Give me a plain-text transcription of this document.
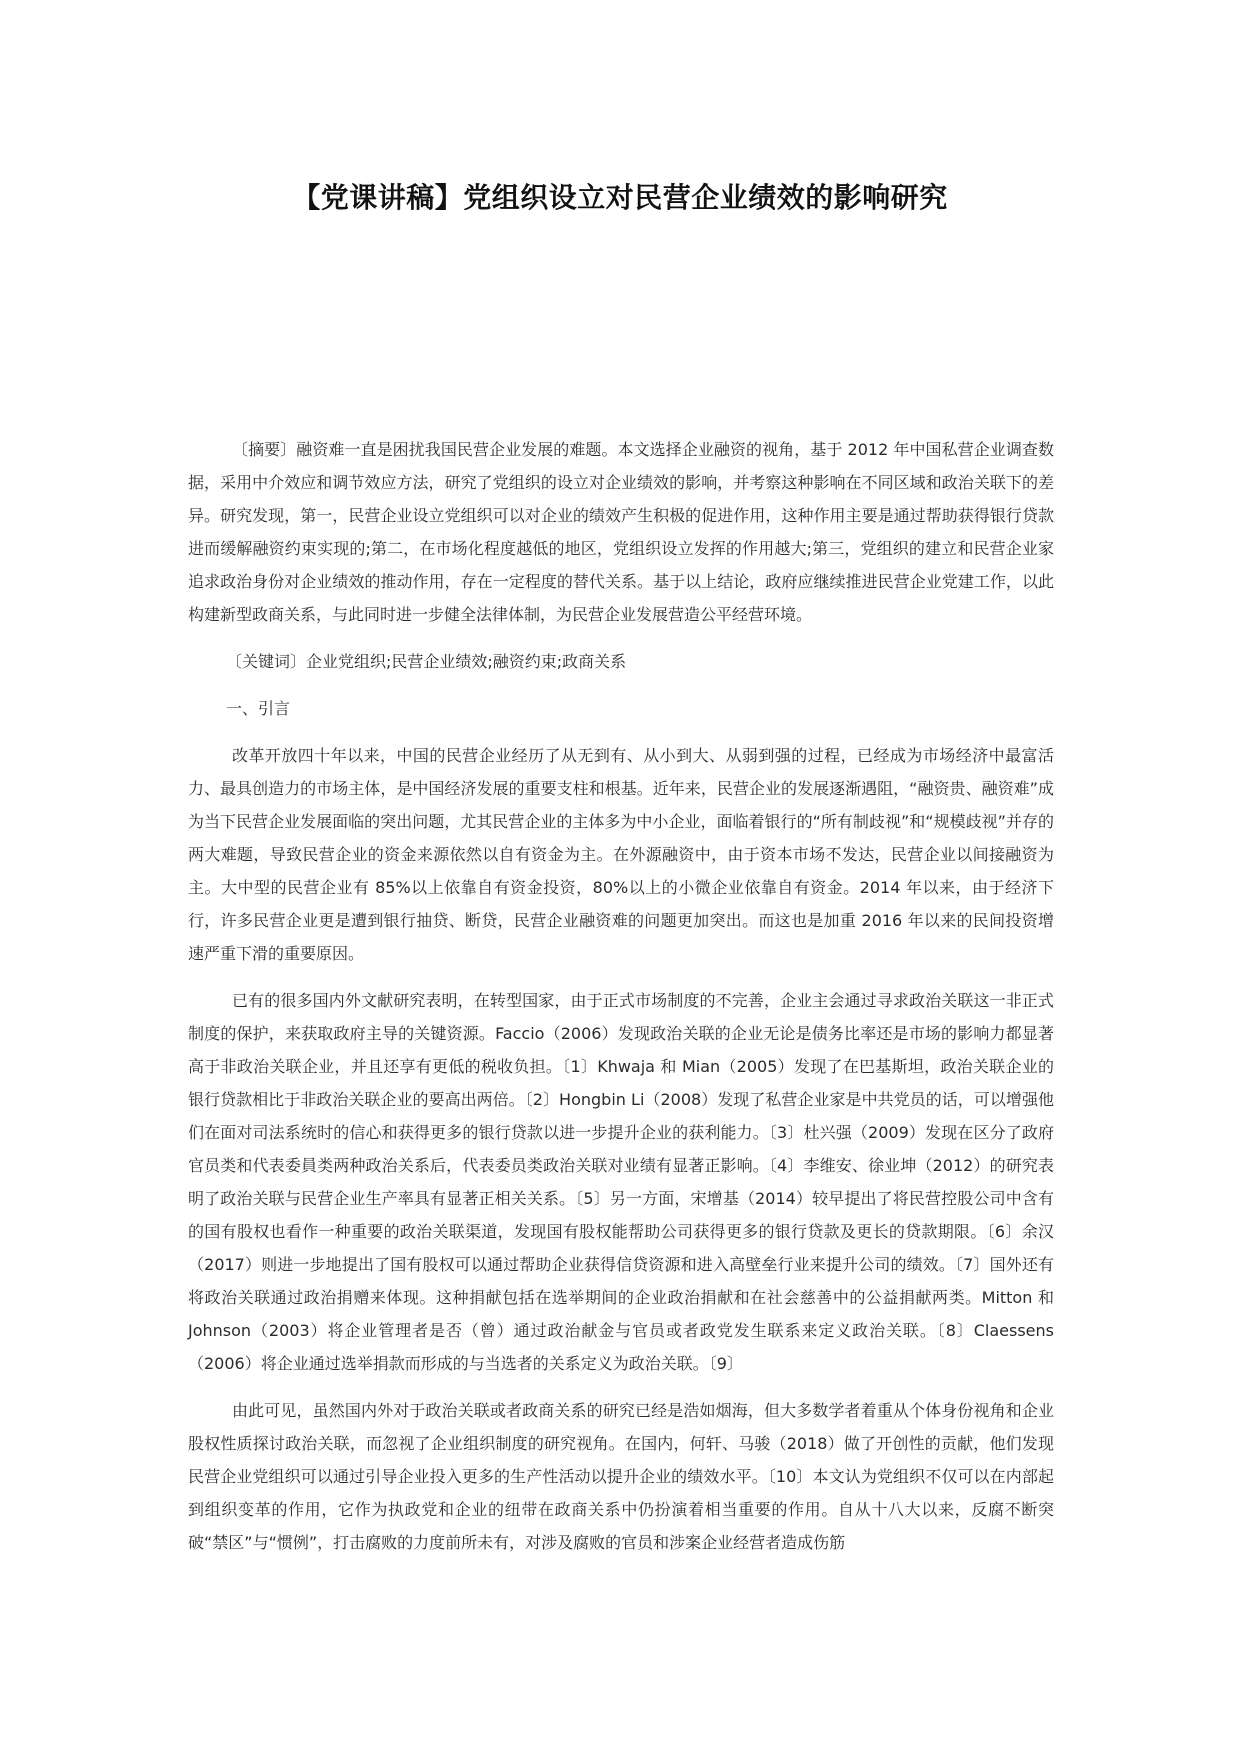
【党课讲稿】党组织设立对民营企业绩效的影响研究

〔摘要〕融资难一直是困扰我国民营企业发展的难题。本文选择企业融资的视角，基于 2012 年中国私营企业调查数据，采用中介效应和调节效应方法，研究了党组织的设立对企业绩效的影响，并考察这种影响在不同区域和政治关联下的差异。研究发现，第一，民营企业设立党组织可以对企业的绩效产生积极的促进作用，这种作用主要是通过帮助获得银行贷款进而缓解融资约束实现的;第二，在市场化程度越低的地区，党组织设立发挥的作用越大;第三，党组织的建立和民营企业家追求政治身份对企业绩效的推动作用，存在一定程度的替代关系。基于以上结论，政府应继续推进民营企业党建工作，以此构建新型政商关系，与此同时进一步健全法律体制，为民营企业发展营造公平经营环境。

〔关键词〕企业党组织;民营企业绩效;融资约束;政商关系

一、引言

改革开放四十年以来，中国的民营企业经历了从无到有、从小到大、从弱到强的过程，已经成为市场经济中最富活力、最具创造力的市场主体，是中国经济发展的重要支柱和根基。近年来，民营企业的发展逐渐遇阻，“融资贵、融资难”成为当下民营企业发展面临的突出问题，尤其民营企业的主体多为中小企业，面临着银行的“所有制歧视”和“规模歧视”并存的两大难题，导致民营企业的资金来源依然以自有资金为主。在外源融资中，由于资本市场不发达，民营企业以间接融资为主。大中型的民营企业有 85%以上依靠自有资金投资，80%以上的小微企业依靠自有资金。2014 年以来，由于经济下行，许多民营企业更是遭到银行抽贷、断贷，民营企业融资难的问题更加突出。而这也是加重 2016 年以来的民间投资增速严重下滑的重要原因。

已有的很多国内外文献研究表明，在转型国家，由于正式市场制度的不完善，企业主会通过寻求政治关联这一非正式制度的保护，来获取政府主导的关键资源。Faccio（2006）发现政治关联的企业无论是债务比率还是市场的影响力都显著高于非政治关联企业，并且还享有更低的税收负担。〔1〕Khwaja 和 Mian（2005）发现了在巴基斯坦，政治关联企业的银行贷款相比于非政治关联企业的要高出两倍。〔2〕Hongbin Li（2008）发现了私营企业家是中共党员的话，可以增强他们在面对司法系统时的信心和获得更多的银行贷款以进一步提升企业的获利能力。〔3〕杜兴强（2009）发现在区分了政府官员类和代表委員类两种政治关系后，代表委员类政治关联对业绩有显著正影响。〔4〕李维安、徐业坤（2012）的研究表明了政治关联与民营企业生产率具有显著正相关关系。〔5〕另一方面，宋增基（2014）较早提出了将民营控股公司中含有的国有股权也看作一种重要的政治关联渠道，发现国有股权能帮助公司获得更多的银行贷款及更长的贷款期限。〔6〕余汉（2017）则进一步地提出了国有股权可以通过帮助企业获得信贷资源和进入高壁垒行业来提升公司的绩效。〔7〕国外还有将政治关联通过政治捐赠来体现。这种捐献包括在选举期间的企业政治捐献和在社会慈善中的公益捐献两类。Mitton 和 Johnson（2003）将企业管理者是否（曾）通过政治献金与官员或者政党发生联系来定义政治关联。〔8〕Claessens（2006）将企业通过选举捐款而形成的与当选者的关系定义为政治关联。〔9〕

由此可见，虽然国内外对于政治关联或者政商关系的研究已经是浩如烟海，但大多数学者着重从个体身份视角和企业股权性质探讨政治关联，而忽视了企业组织制度的研究视角。在国内，何轩、马骏（2018）做了开创性的贡献，他们发现民营企业党组织可以通过引导企业投入更多的生产性活动以提升企业的绩效水平。〔10〕本文认为党组织不仅可以在内部起到组织变革的作用，它作为执政党和企业的纽带在政商关系中仍扮演着相当重要的作用。自从十八大以来，反腐不断突破“禁区”与“惯例”，打击腐败的力度前所未有，对涉及腐败的官员和涉案企业经营者造成伤筋
